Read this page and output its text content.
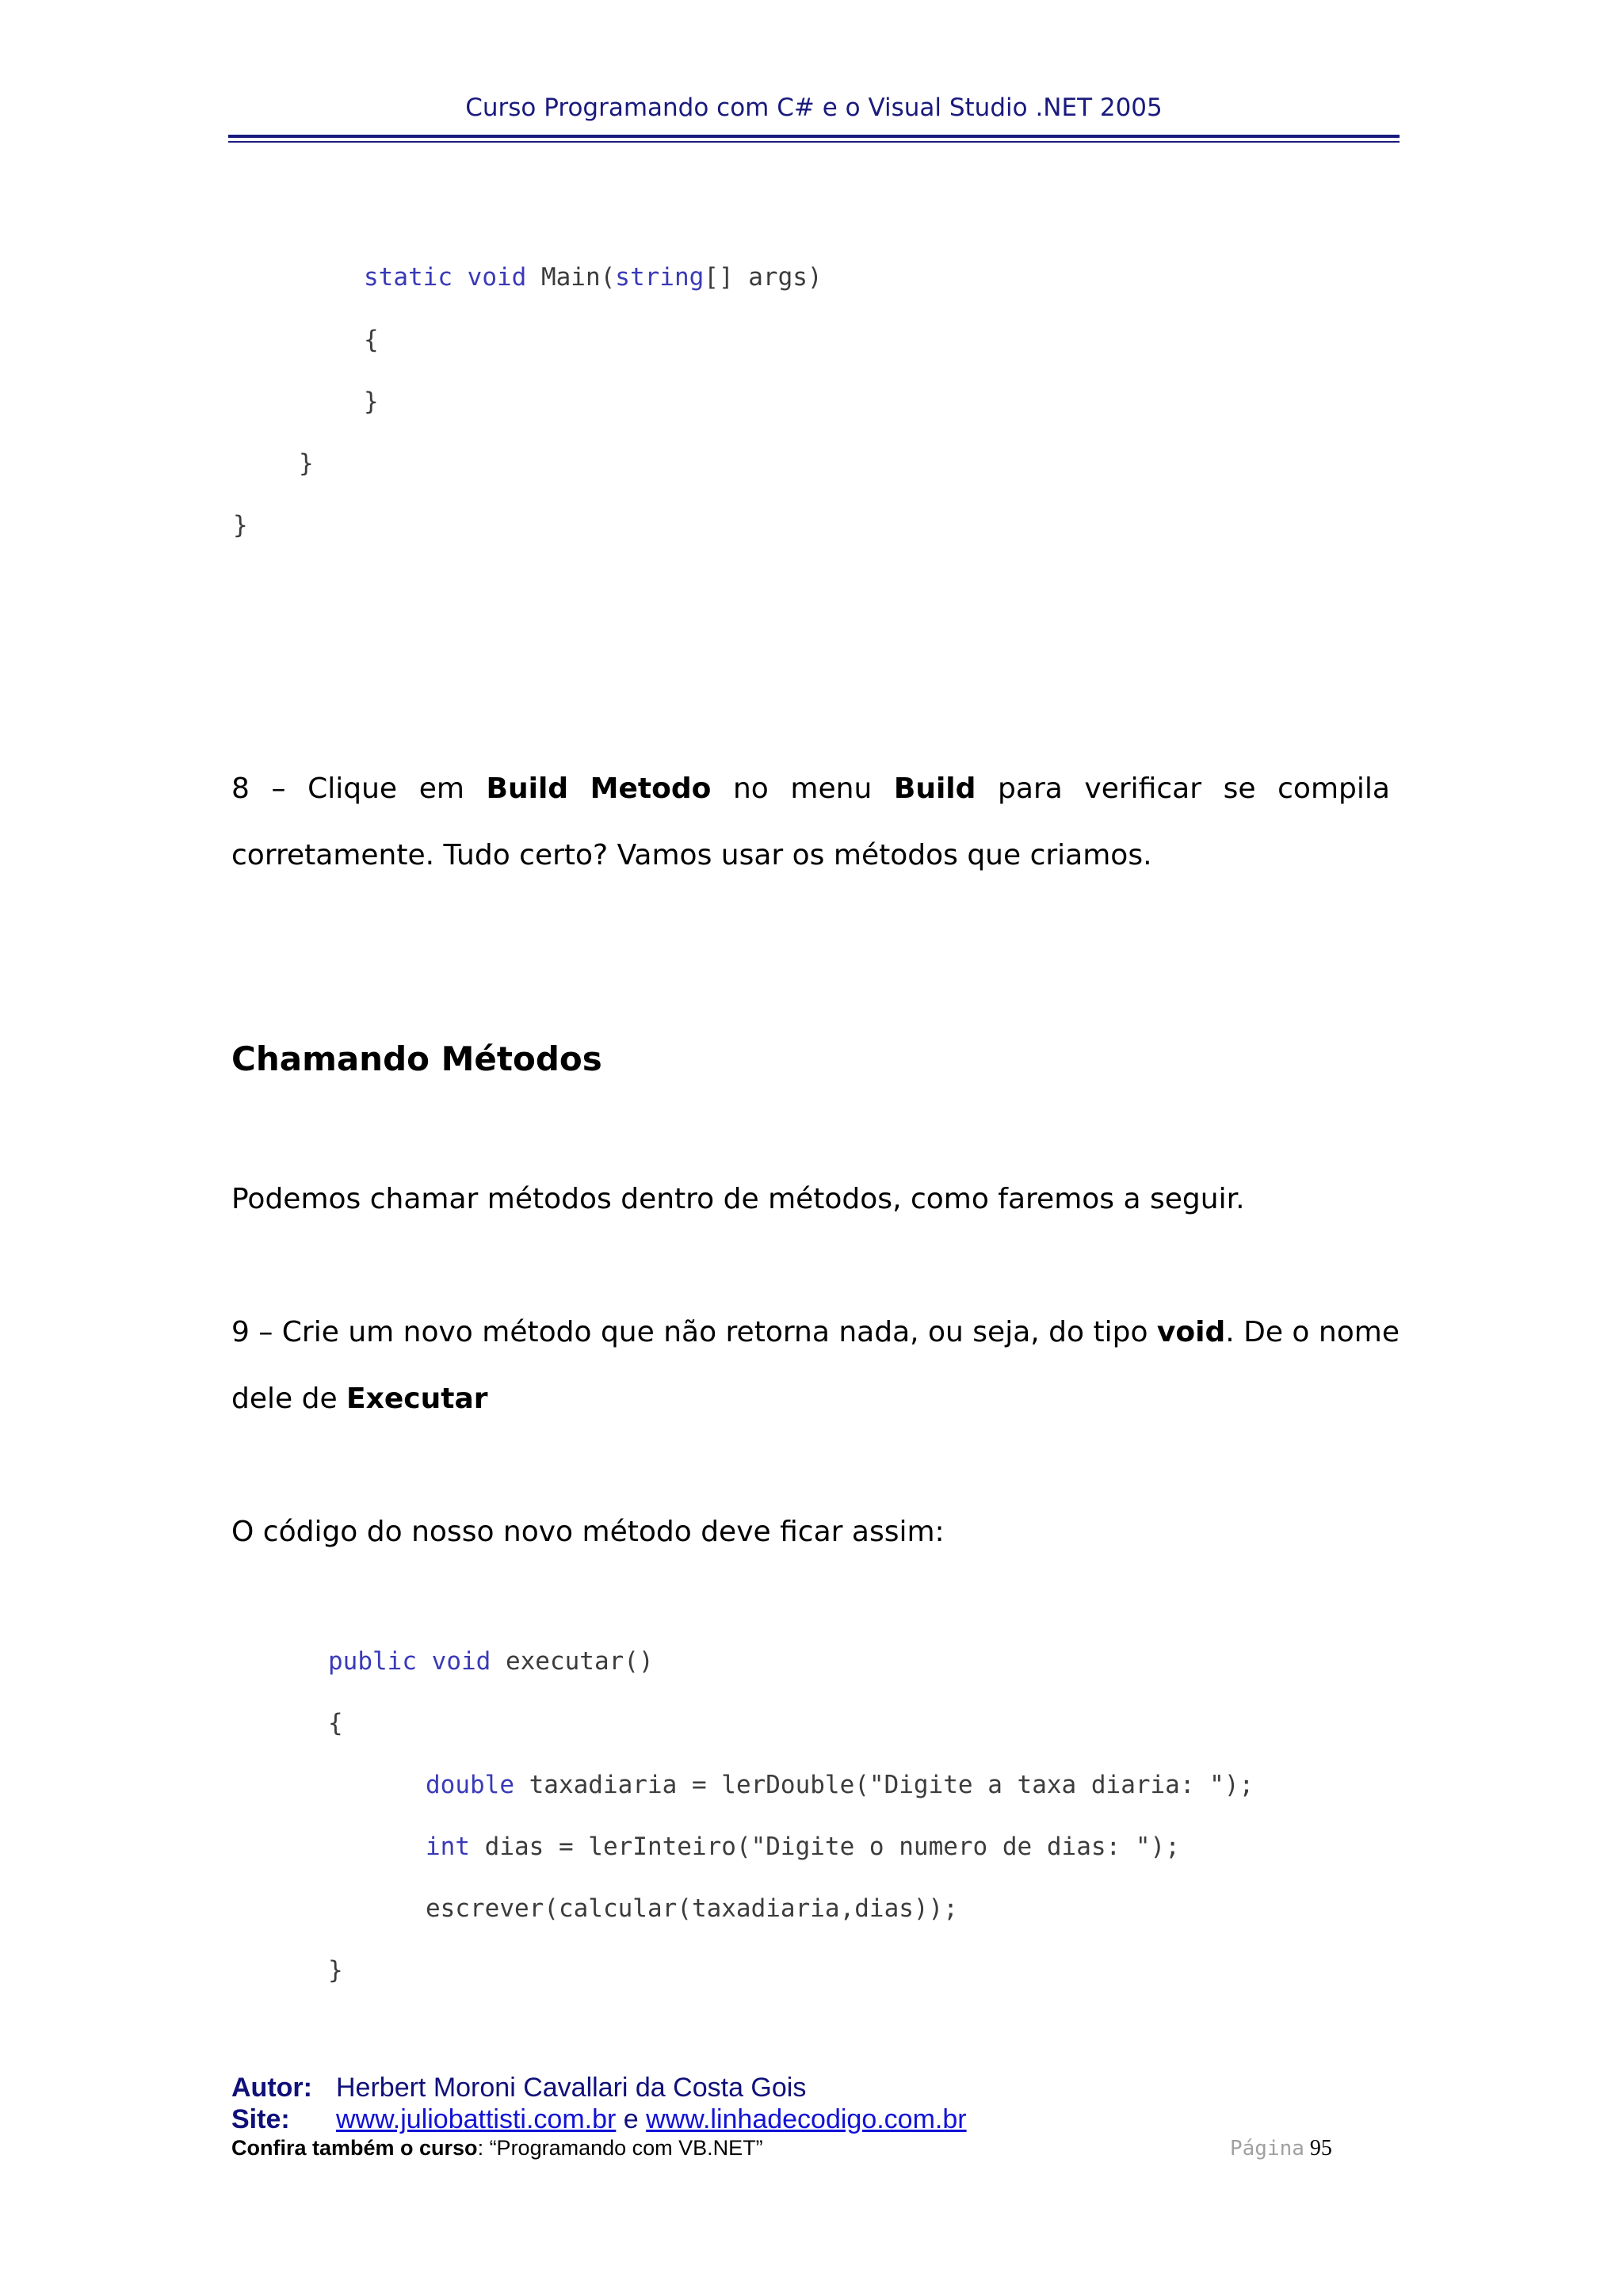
Curso Programando com C# e o Visual Studio .NET 2005
static void Main(string[] args)
{
}
}
}
8 – Clique em Build Metodo no menu Build para verificar se compila
corretamente. Tudo certo? Vamos usar os métodos que criamos.
Chamando Métodos
Podemos chamar métodos dentro de métodos, como faremos a seguir.
9 – Crie um novo método que não retorna nada, ou seja, do tipo void. De o nome
dele de Executar
O código do nosso novo método deve ficar assim:
public void executar()
{
double taxadiaria = lerDouble("Digite a taxa diaria: ");
int dias = lerInteiro("Digite o numero de dias: ");
escrever(calcular(taxadiaria,dias));
}
Autor: Herbert Moroni Cavallari da Costa Gois
Site: www.juliobattisti.com.br e www.linhadecodigo.com.br
Confira também o curso: “Programando com VB.NET”	Página 95
